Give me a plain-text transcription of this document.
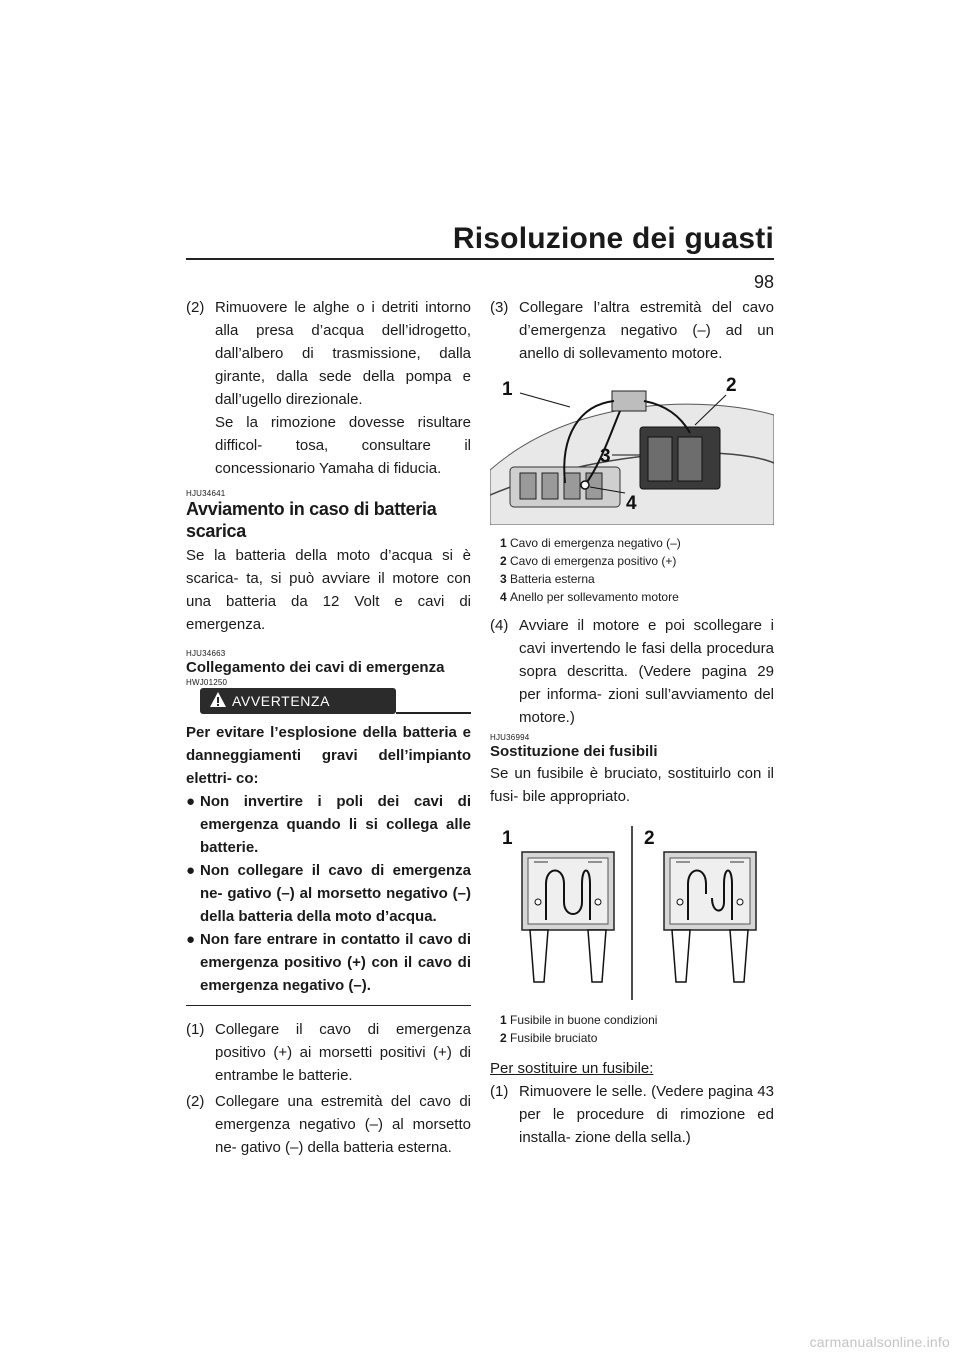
Risoluzione dei guasti
98
(2) Rimuovere le alghe o i detriti intorno alla presa d’acqua dell’idrogetto, dall’albero di trasmissione, dalla girante, dalla sede della pompa e dall’ugello direzionale.
Se la rimozione dovesse risultare difficol- tosa, consultare il concessionario Yamaha di fiducia.
HJU34641
Avviamento in caso di batteria scarica
Se la batteria della moto d’acqua si è scarica- ta, si può avviare il motore con una batteria da 12 Volt e cavi di emergenza.
HJU34663
Collegamento dei cavi di emergenza
HWJ01250
AVVERTENZA
Per evitare l’esplosione della batteria e danneggiamenti gravi dell’impianto elettri- co:
● Non invertire i poli dei cavi di emergenza quando li si collega alle batterie.
● Non collegare il cavo di emergenza ne- gativo (–) al morsetto negativo (–) della batteria della moto d’acqua.
● Non fare entrare in contatto il cavo di emergenza positivo (+) con il cavo di emergenza negativo (–).
(1) Collegare il cavo di emergenza positivo (+) ai morsetti positivi (+) di entrambe le batterie.
(2) Collegare una estremità del cavo di emergenza negativo (–) al morsetto ne- gativo (–) della batteria esterna.
(3) Collegare l’altra estremità del cavo d’emergenza negativo (–) ad un anello di sollevamento motore.
1	2
3
4
1 Cavo di emergenza negativo (–)
2 Cavo di emergenza positivo (+)
3 Batteria esterna
4 Anello per sollevamento motore
(4) Avviare il motore e poi scollegare i cavi invertendo le fasi della procedura sopra descritta. (Vedere pagina 29 per informa- zioni sull’avviamento del motore.)
HJU36994
Sostituzione dei fusibili
Se un fusibile è bruciato, sostituirlo con il fusi- bile appropriato.
1	2
1 Fusibile in buone condizioni
2 Fusibile bruciato
Per sostituire un fusibile:
(1) Rimuovere le selle. (Vedere pagina 43 per le procedure di rimozione ed installa- zione della sella.)
carmanualsonline.info
